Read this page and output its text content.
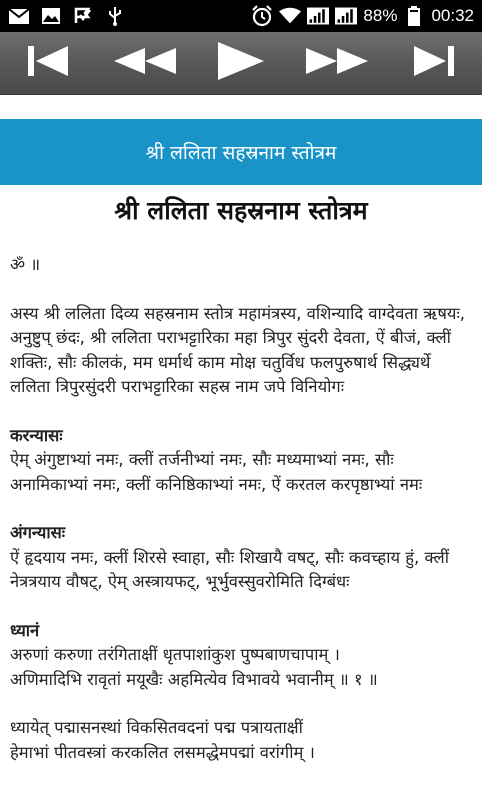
88% 00:32
श्री ललिता सहस्रनाम स्तोत्रम
श्री ललिता सहस्रनाम स्तोत्रम
ॐ ॥
अस्य श्री ललिता दिव्य सहस्रनाम स्तोत्र महामंत्रस्य, वशिन्यादि वाग्देवता ऋषयः, अनुष्टुप् छंदः, श्री ललिता पराभट्टारिका महा त्रिपुर सुंदरी देवता, ऐं बीजं, क्लीं शक्तिः, सौः कीलकं, मम धर्मार्थ काम मोक्ष चतुर्विध फलपुरुषार्थ सिद्ध्यर्थे ललिता त्रिपुरसुंदरी पराभट्टारिका सहस्र नाम जपे विनियोगः
करन्यासः
ऐम् अंगुष्टाभ्यां नमः, क्लीं तर्जनीभ्यां नमः, सौः मध्यमाभ्यां नमः, सौः अनामिकाभ्यां नमः, क्लीं कनिष्ठिकाभ्यां नमः, ऐं करतल करपृष्ठाभ्यां नमः
अंगन्यासः
ऐं हृदयाय नमः, क्लीं शिरसे स्वाहा, सौः शिखायै वषट्, सौः कवच्हाय हुं, क्लीं नेत्रत्रयाय वौषट्, ऐम् अस्त्रायफट्, भूर्भुवस्सुवरोमिति दिग्बंधः
ध्यानं
अरुणां करुणा तरंगिताक्षीं धृतपाशांकुश पुष्पबाणचापाम् ।
अणिमादिभि रावृतां मयूखैः अहमित्येव विभावये भवानीम् ॥ १ ॥
ध्यायेत् पद्मासनस्थां विकसितवदनां पद्म पत्रायताक्षीं
हेमाभां पीतवस्त्रां करकलित लसमद्धेमपद्मां वरांगीम् ।
